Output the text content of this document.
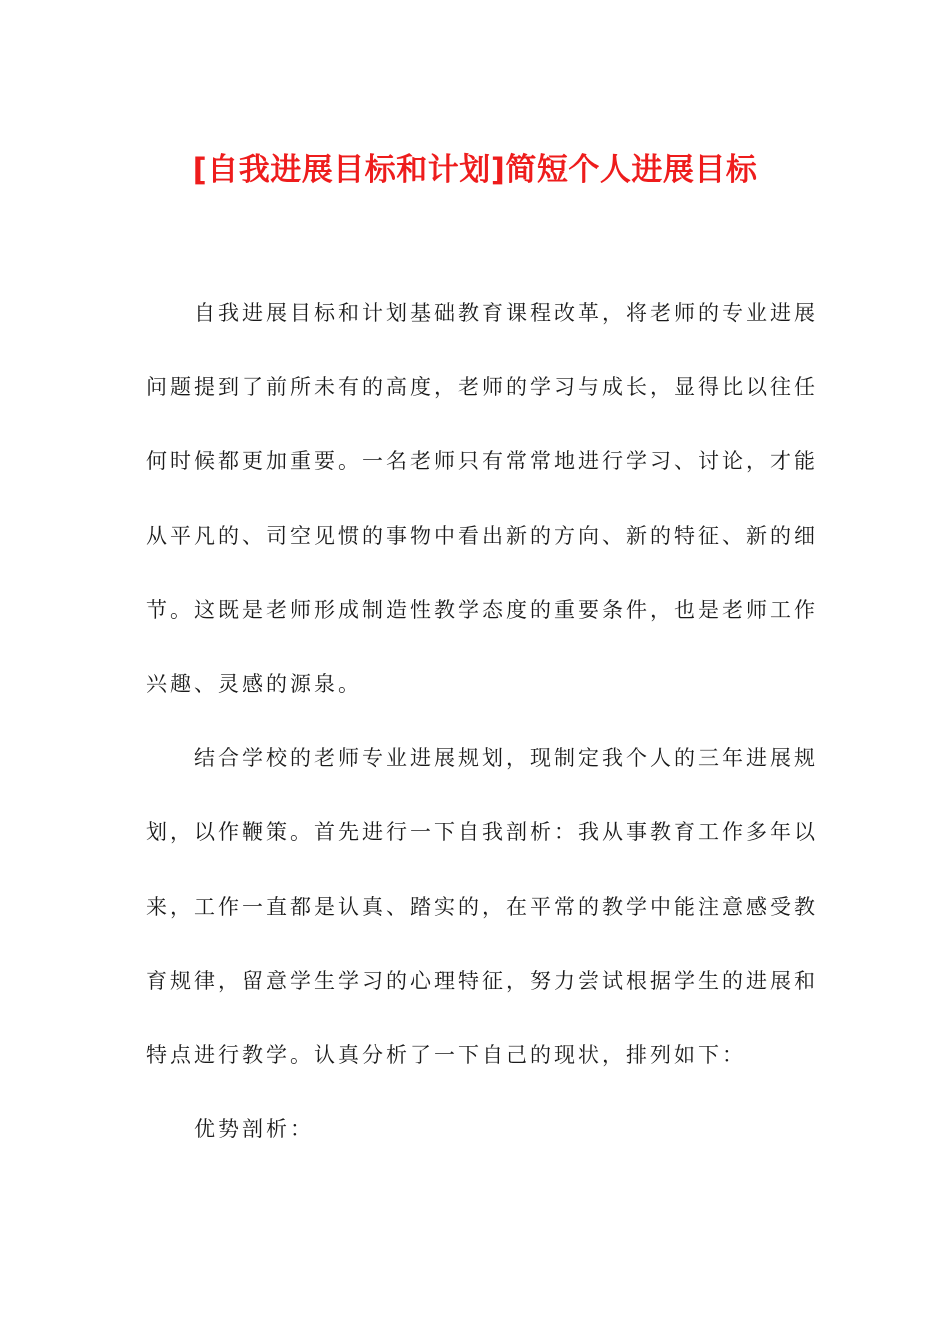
[自我进展目标和计划]简短个人进展目标

自我进展目标和计划基础教育课程改革，将老师的专业进展问题提到了前所未有的高度，老师的学习与成长，显得比以往任何时候都更加重要。一名老师只有常常地进行学习、讨论，才能从平凡的、司空见惯的事物中看出新的方向、新的特征、新的细节。这既是老师形成制造性教学态度的重要条件，也是老师工作兴趣、灵感的源泉。

结合学校的老师专业进展规划，现制定我个人的三年进展规划，以作鞭策。首先进行一下自我剖析：我从事教育工作多年以来，工作一直都是认真、踏实的，在平常的教学中能注意感受教育规律，留意学生学习的心理特征，努力尝试根据学生的进展和特点进行教学。认真分析了一下自己的现状，排列如下：

优势剖析：
